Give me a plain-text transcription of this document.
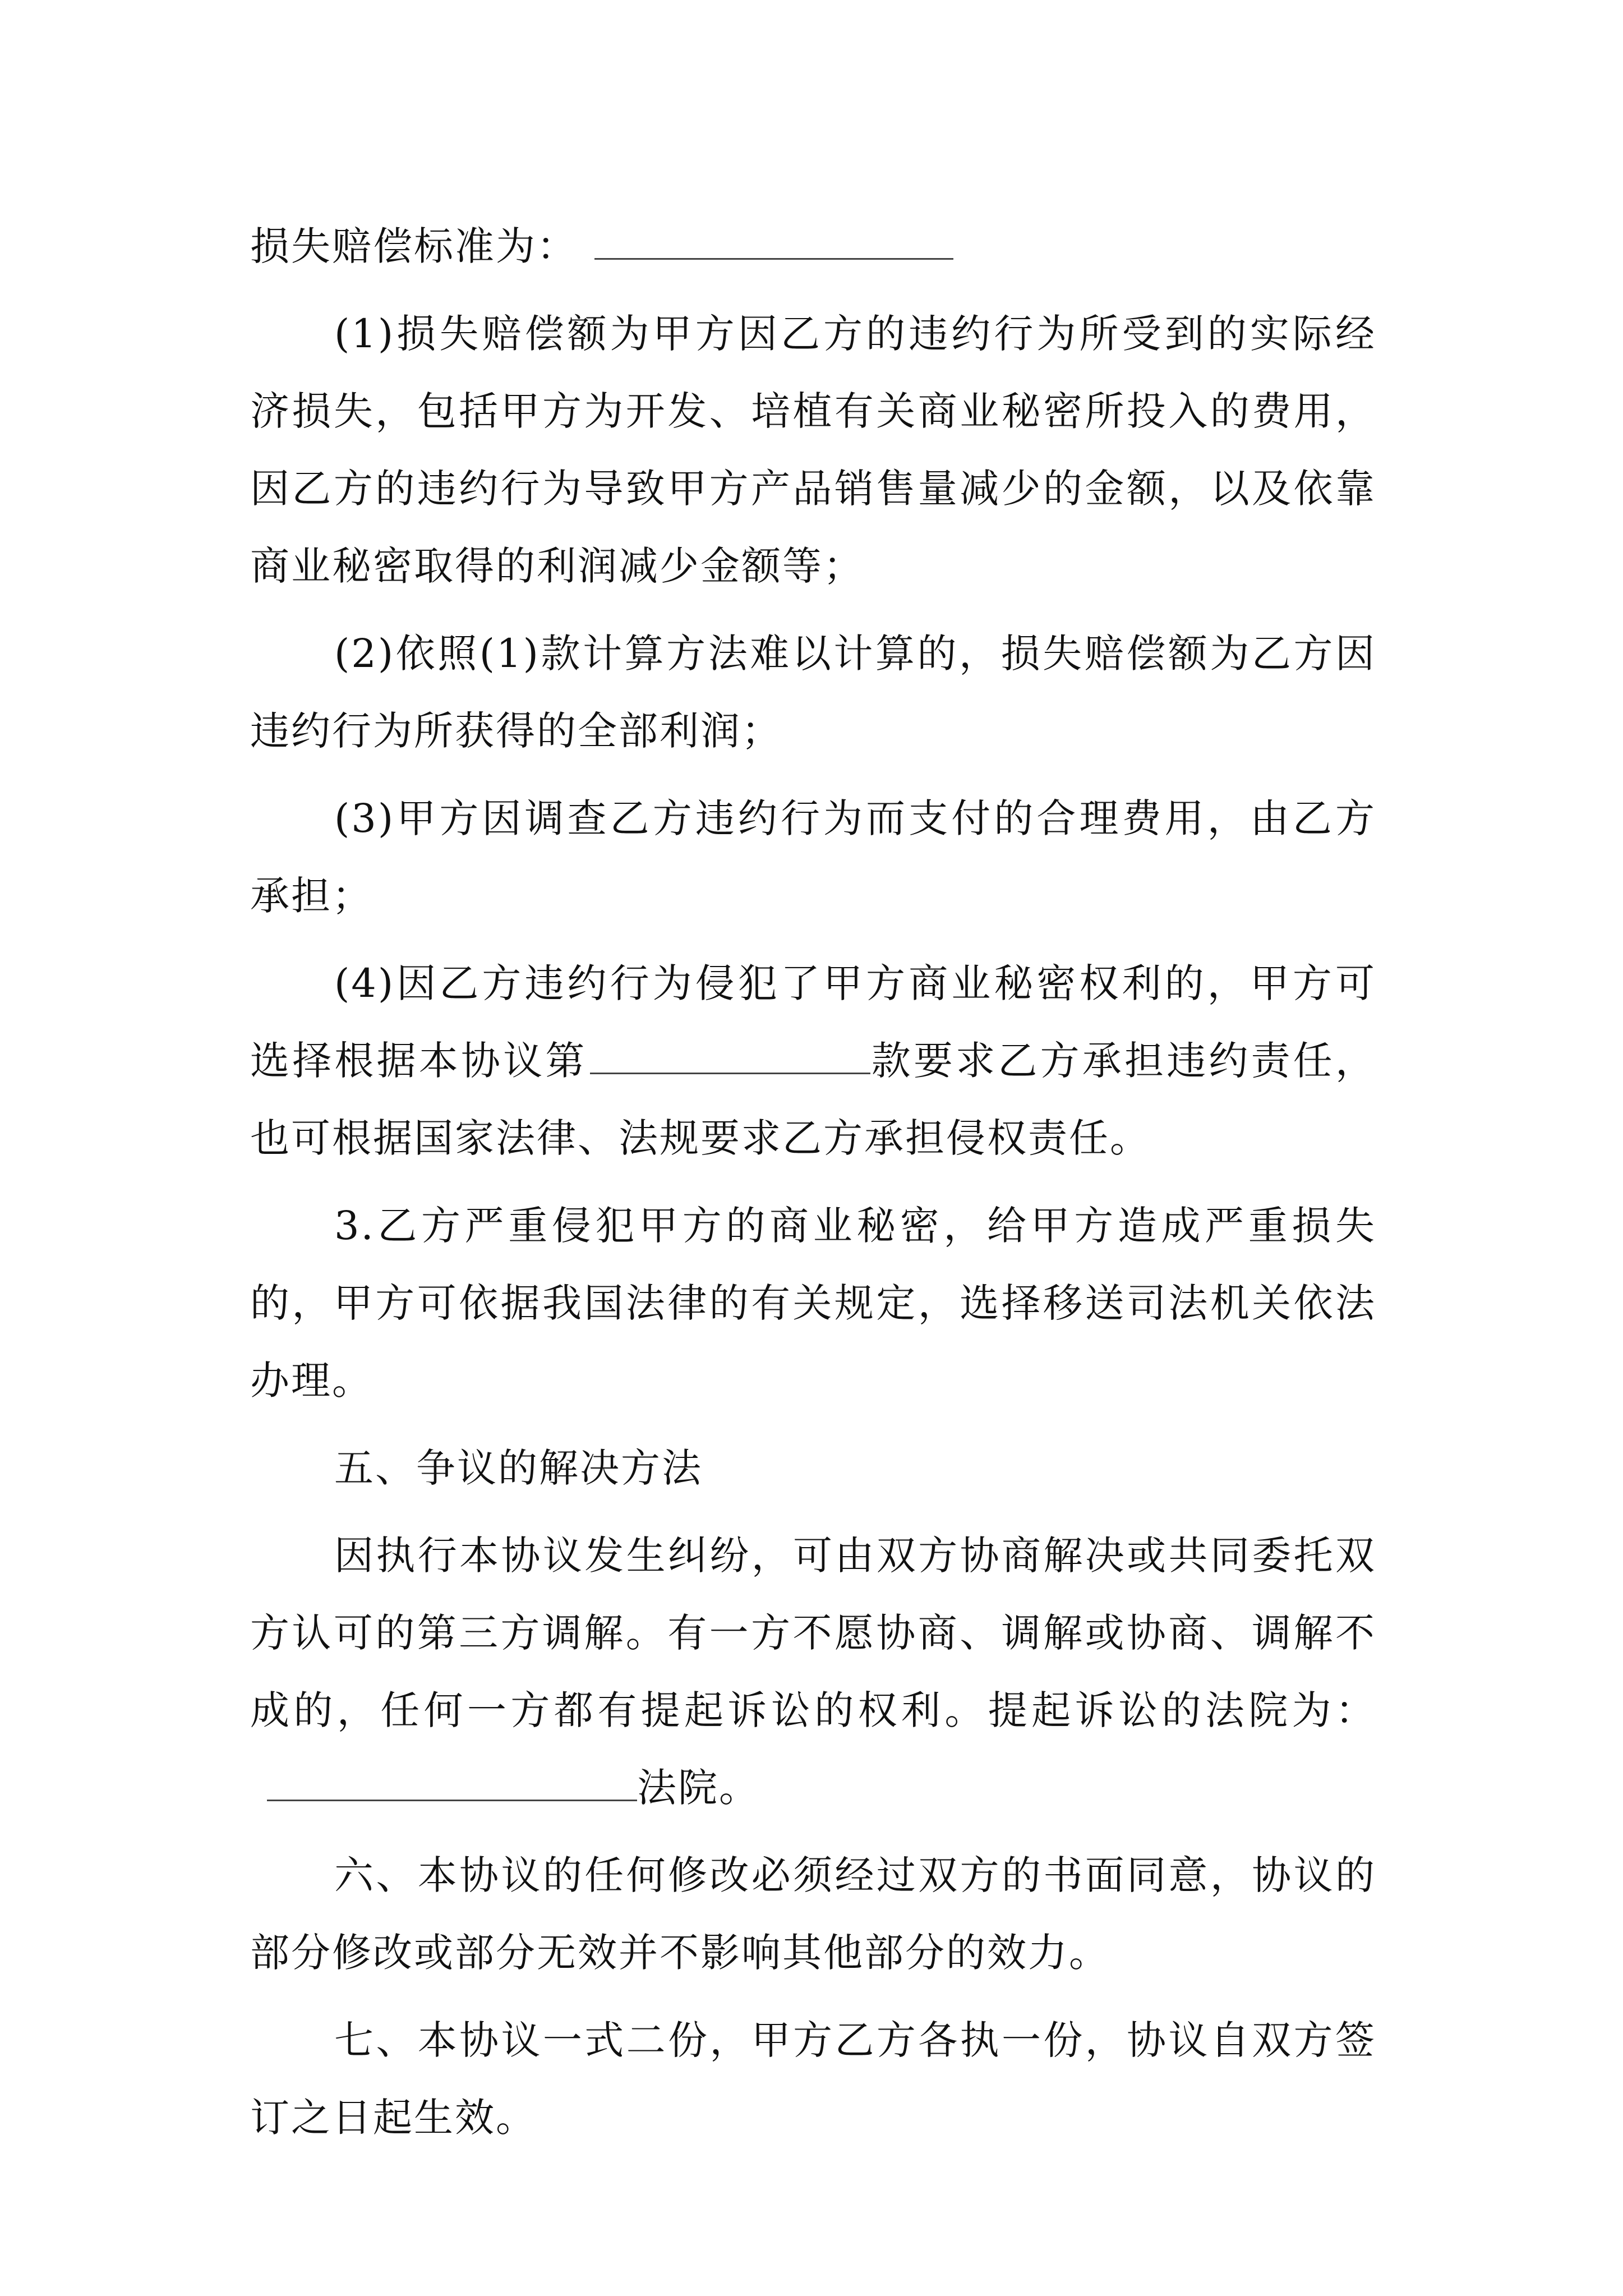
损失赔偿标准为：

(1)损失赔偿额为甲方因乙方的违约行为所受到的实际经济损失，包括甲方为开发、培植有关商业秘密所投入的费用，因乙方的违约行为导致甲方产品销售量减少的金额，以及依靠商业秘密取得的利润减少金额等；

(2)依照(1)款计算方法难以计算的，损失赔偿额为乙方因违约行为所获得的全部利润；

(3)甲方因调查乙方违约行为而支付的合理费用，由乙方承担；

(4)因乙方违约行为侵犯了甲方商业秘密权利的，甲方可选择根据本协议第	款要求乙方承担违约责任，也可根据国家法律、法规要求乙方承担侵权责任。

3.乙方严重侵犯甲方的商业秘密，给甲方造成严重损失的，甲方可依据我国法律的有关规定，选择移送司法机关依法办理。

五、争议的解决方法

因执行本协议发生纠纷，可由双方协商解决或共同委托双方认可的第三方调解。有一方不愿协商、调解或协商、调解不成的，任何一方都有提起诉讼的权利。提起诉讼的法院为：法院。

六、本协议的任何修改必须经过双方的书面同意，协议的部分修改或部分无效并不影响其他部分的效力。

七、本协议一式二份，甲方乙方各执一份，协议自双方签订之日起生效。
